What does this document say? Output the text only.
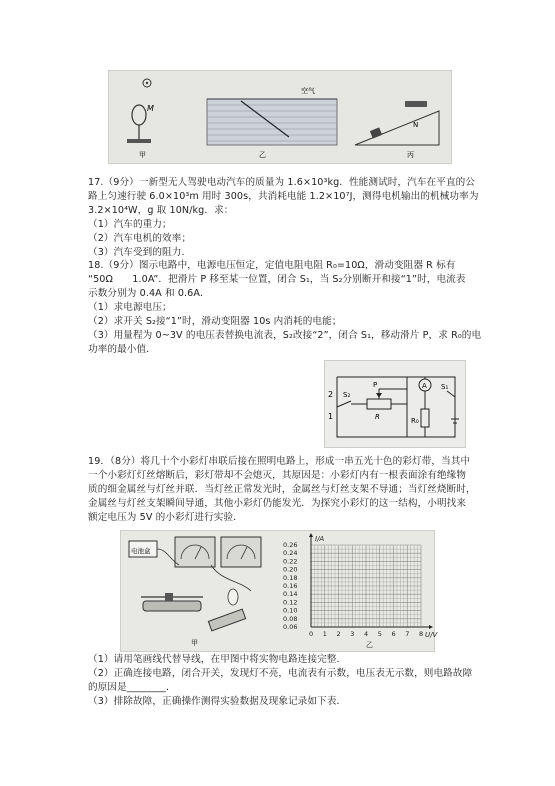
M
甲
空气
乙
N
丙
17.（9分）一新型无人驾驶电动汽车的质量为 1.6×10³kg．性能测试时，汽车在平直的公
路上匀速行驶 6.0×10³m 用时 300s，共消耗电能 1.2×10⁷J，测得电机输出的机械功率为
3.2×10⁴W，g 取 10N/kg．求：
（1）汽车的重力；
（2）汽车电机的效率；
（3）汽车受到的阻力．
18.（9分）图示电路中，电源电压恒定，定值电阻电阻 R₀=10Ω，滑动变阻器 R 标有
“50Ω　　1.0A”．把滑片 P 移至某一位置，闭合 S₁，当 S₂分别断开和接“1”时，电流表
示数分别为 0.4A 和 0.6A．
（1）求电源电压；
（2）求开关 S₂接“1”时，滑动变阻器 10s 内消耗的电能；
（3）用量程为 0~3V 的电压表替换电流表，S₂改接“2”，闭合 S₁，移动滑片 P，求 R₀的电
功率的最小值．
2
1
S₂
P
R
A S₁
R₀
19．（8分）将几十个小彩灯串联后接在照明电路上，形成一串五光十色的彩灯带，当其中
一个小彩灯灯丝熔断后，彩灯带却不会熄灭，其原因是：小彩灯内有一根表面涂有绝缘物
质的细金属丝与灯丝并联．当灯丝正常发光时，金属丝与灯丝支架不导通；当灯丝烧断时，
金属丝与灯丝支架瞬间导通，其他小彩灯仍能发光．为探究小彩灯的这一结构，小明找来
额定电压为 5V 的小彩灯进行实验．
电池盒
甲
0 1 2 3 4 5 6 7 8
0.06
0.08
0.10
0.12
0.14
0.16
0.18
0.20
0.22
0.24
0.26
I/A
U/V
乙
（1）请用笔画线代替导线，在甲图中将实物电路连接完整．
（2）正确连接电路，闭合开关，发现灯不亮，电流表有示数，电压表无示数，则电路故障
的原因是________．
（3）排除故障，正确操作测得实验数据及现象记录如下表．
